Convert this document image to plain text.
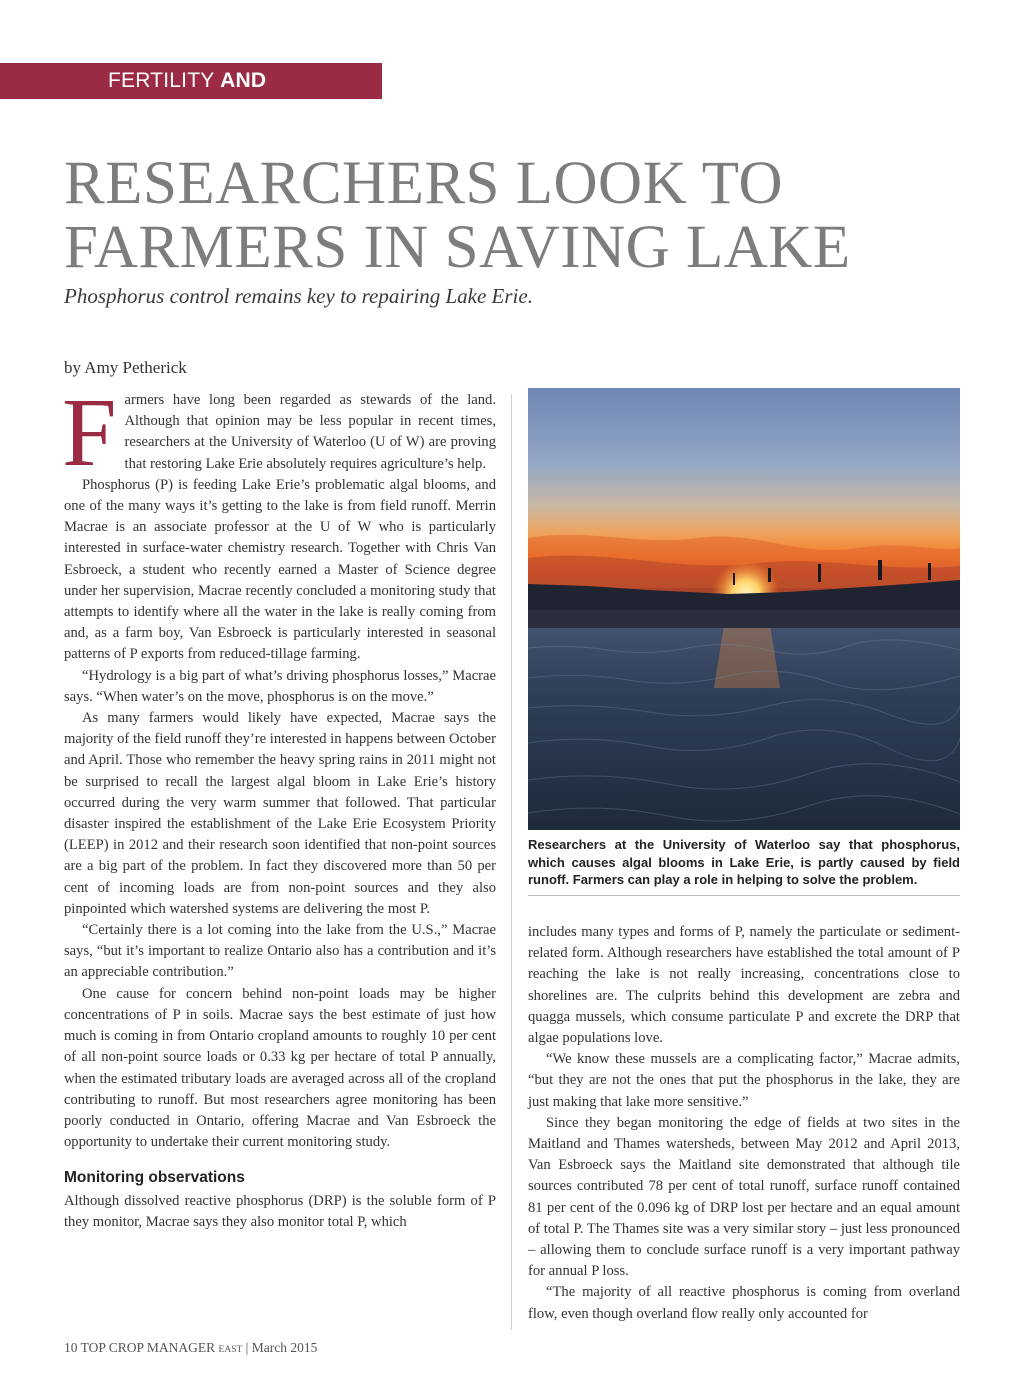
FERTILITY AND NUTRIENTS
RESEARCHERS LOOK TO
FARMERS IN SAVING LAKE
Phosphorus control remains key to repairing Lake Erie.
by Amy Petherick

Farmers have long been regarded as stewards of the land. Although that opinion may be less popular in recent times, researchers at the University of Waterloo (U of W) are proving that restoring Lake Erie absolutely requires agriculture’s help.

Phosphorus (P) is feeding Lake Erie’s problematic algal blooms, and one of the many ways it’s getting to the lake is from field runoff. Merrin Macrae is an associate professor at the U of W who is particularly interested in surface-water chemistry research. Together with Chris Van Esbroeck, a student who recently earned a Master of Science degree under her supervision, Macrae recently concluded a monitoring study that attempts to identify where all the water in the lake is really coming from and, as a farm boy, Van Esbroeck is particularly interested in seasonal patterns of P exports from reduced-tillage farming.

“Hydrology is a big part of what’s driving phosphorus losses,” Macrae says. “When water’s on the move, phosphorus is on the move.”

As many farmers would likely have expected, Macrae says the majority of the field runoff they’re interested in happens between October and April. Those who remember the heavy spring rains in 2011 might not be surprised to recall the largest algal bloom in Lake Erie’s history occurred during the very warm summer that followed. That particular disaster inspired the establishment of the Lake Erie Ecosystem Priority (LEEP) in 2012 and their research soon identified that non-point sources are a big part of the problem. In fact they discovered more than 50 per cent of incoming loads are from non-point sources and they also pinpointed which watershed systems are delivering the most P.

“Certainly there is a lot coming into the lake from the U.S.,” Macrae says, “but it’s important to realize Ontario also has a contribution and it’s an appreciable contribution.”

One cause for concern behind non-point loads may be higher concentrations of P in soils. Macrae says the best estimate of just how much is coming in from Ontario cropland amounts to roughly 10 per cent of all non-point source loads or 0.33 kg per hectare of total P annually, when the estimated tributary loads are averaged across all of the cropland contributing to runoff. But most researchers agree monitoring has been poorly conducted in Ontario, offering Macrae and Van Esbroeck the opportunity to undertake their current monitoring study.

Monitoring observations

Although dissolved reactive phosphorus (DRP) is the soluble form of P they monitor, Macrae says they also monitor total P, which

Researchers at the University of Waterloo say that phosphorus, which causes algal blooms in Lake Erie, is partly caused by field runoff. Farmers can play a role in helping to solve the problem.

includes many types and forms of P, namely the particulate or sediment-related form. Although researchers have established the total amount of P reaching the lake is not really increasing, concentrations close to shorelines are. The culprits behind this development are zebra and quagga mussels, which consume particulate P and excrete the DRP that algae populations love.

“We know these mussels are a complicating factor,” Macrae admits, “but they are not the ones that put the phosphorus in the lake, they are just making that lake more sensitive.”

Since they began monitoring the edge of fields at two sites in the Maitland and Thames watersheds, between May 2012 and April 2013, Van Esbroeck says the Maitland site demonstrated that although tile sources contributed 78 per cent of total runoff, surface runoff contained 81 per cent of the 0.096 kg of DRP lost per hectare and an equal amount of total P. The Thames site was a very similar story – just less pronounced – allowing them to conclude surface runoff is a very important pathway for annual P loss.

“The majority of all reactive phosphorus is coming from overland flow, even though overland flow really only accounted for

10 TOP CROP MANAGER EAST | March 2015
